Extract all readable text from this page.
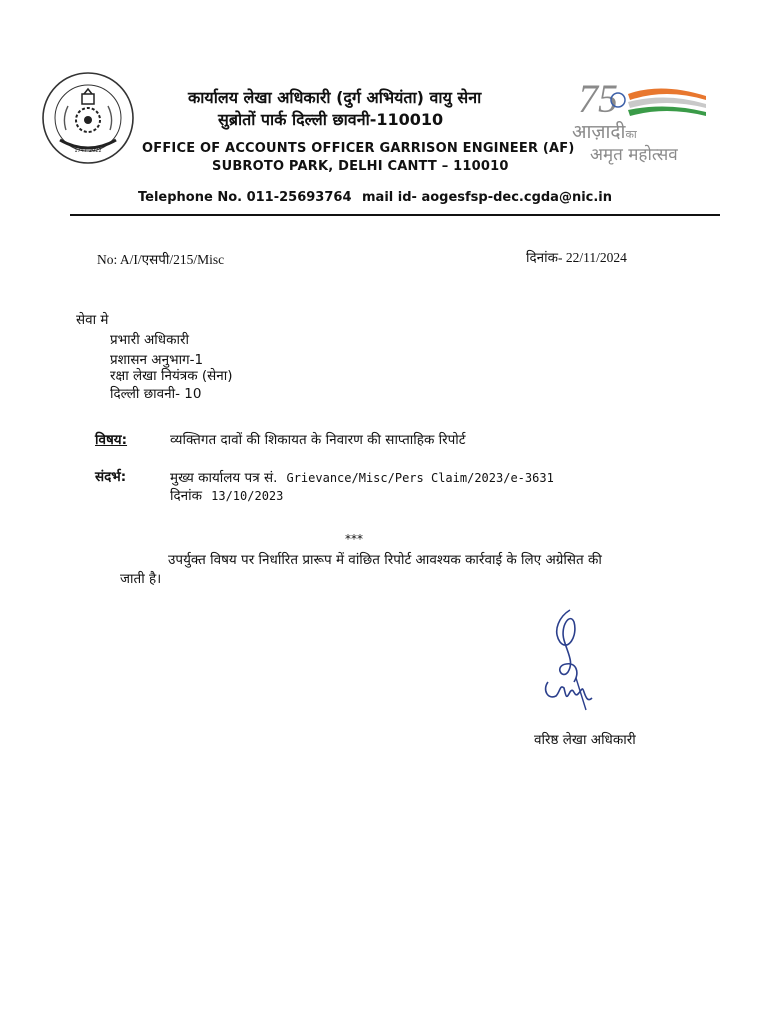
1747-2022
कार्यालय लेखा अधिकारी (दुर्ग अभियंता) वायु सेना
सुब्रोतों पार्क दिल्ली छावनी-110010
OFFICE OF ACCOUNTS OFFICER GARRISON ENGINEER (AF)
SUBROTO PARK, DELHI CANTT – 110010
75
आज़ादीका
अमृत महोत्सव
Telephone No. 011-25693764 mail id- aogesfsp-dec.cgda@nic.in
No: A/I/एसपी/215/Misc	दिनांक- 22/11/2024
सेवा मे
प्रभारी अधिकारी
प्रशासन अनुभाग-1
रक्षा लेखा नियंत्रक (सेना)
दिल्ली छावनी- 10
विषय:	व्यक्तिगत दावों की शिकायत के निवारण की साप्ताहिक रिपोर्ट
संदर्भ:	मुख्य कार्यालय पत्र सं. Grievance/Misc/Pers Claim/2023/e-3631
दिनांक 13/10/2023
***
उपर्युक्त विषय पर निर्धारित प्रारूप में वांछित रिपोर्ट आवश्यक कार्रवाई के लिए अग्रेसित की
जाती है।
वरिष्ठ लेखा अधिकारी
